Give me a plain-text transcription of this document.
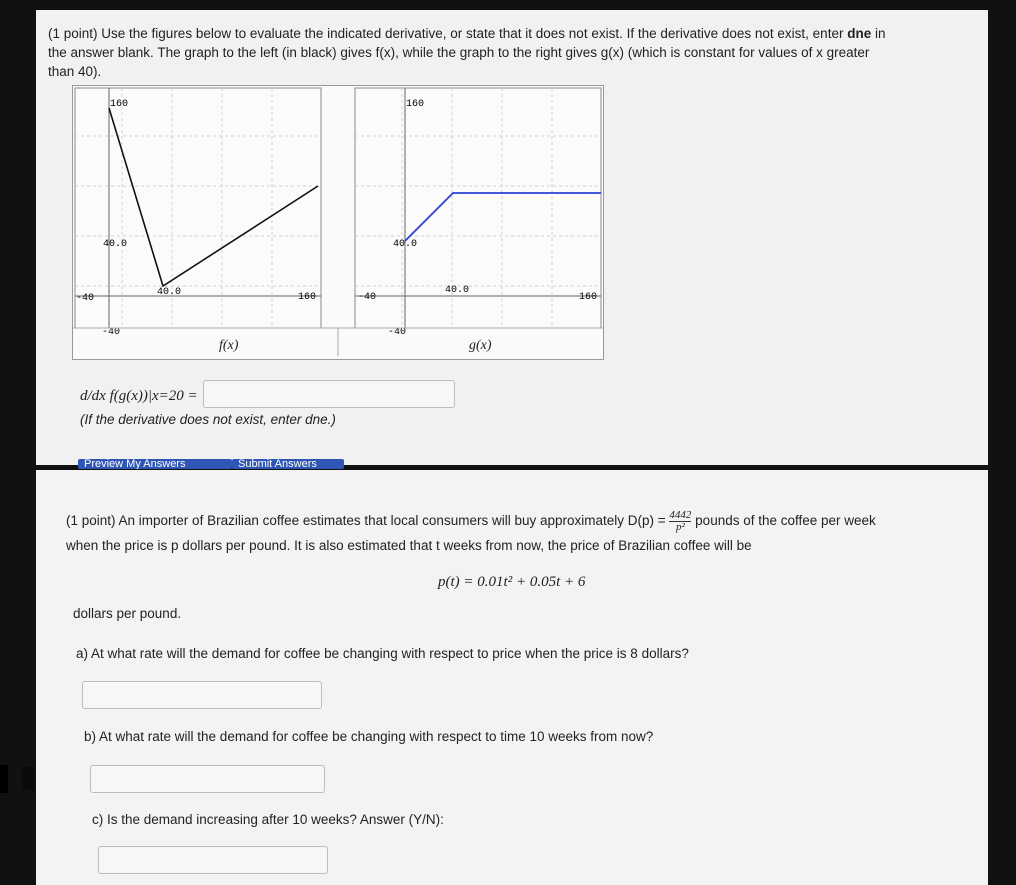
(1 point) Use the figures below to evaluate the indicated derivative, or state that it does not exist. If the derivative does not exist, enter dne in
the answer blank. The graph to the left (in black) gives f(x), while the graph to the right gives g(x) (which is constant for values of x greater
than 40).
160
40.0
-40
40.0	160
-40
160
40.0
-40
40.0
160
-40
f(x)	g(x)
d/dx f(g(x))|x=20 =
(If the derivative does not exist, enter dne.)
Preview My Answers	Submit Answers
(1 point) An importer of Brazilian coffee estimates that local consumers will buy approximately $D(p) = \frac{4442}{\text{p²}}$ pounds of the coffee per week
when the price is p dollars per pound. It is also estimated that t weeks from now, the price of Brazilian coffee will be
p(t) = 0.01t² + 0.05t + 6
dollars per pound.
a) At what rate will the demand for coffee be changing with respect to price when the price is 8 dollars?
b) At what rate will the demand for coffee be changing with respect to time 10 weeks from now?
c) Is the demand increasing after 10 weeks? Answer (Y/N):
